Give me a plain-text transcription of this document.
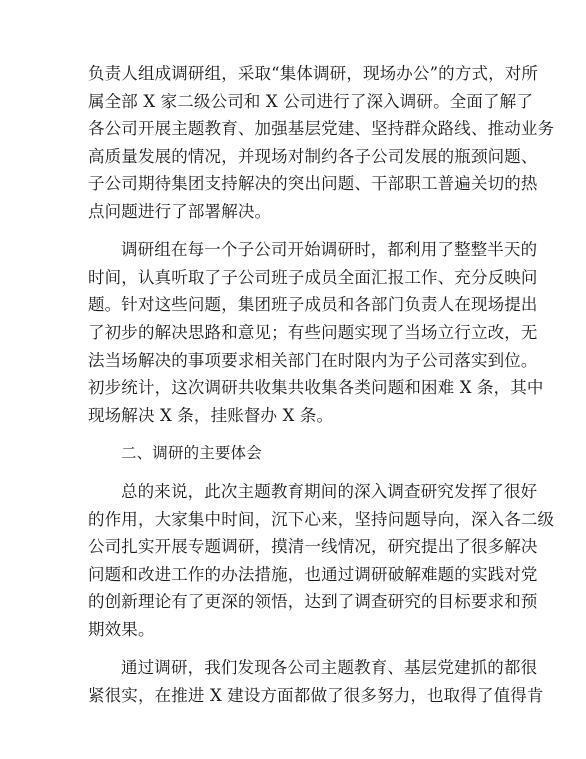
负责人组成调研组，采取“集体调研，现场办公”的方式，对所
属全部 X 家二级公司和 X 公司进行了深入调研。全面了解了
各公司开展主题教育、加强基层党建、坚持群众路线、推动业务
高质量发展的情况，并现场对制约各子公司发展的瓶颈问题、
子公司期待集团支持解决的突出问题、干部职工普遍关切的热
点问题进行了部署解决。
调研组在每一个子公司开始调研时，都利用了整整半天的
时间，认真听取了子公司班子成员全面汇报工作、充分反映问
题。针对这些问题，集团班子成员和各部门负责人在现场提出
了初步的解决思路和意见；有些问题实现了当场立行立改，无
法当场解决的事项要求相关部门在时限内为子公司落实到位。
初步统计，这次调研共收集共收集各类问题和困难 X 条，其中
现场解决 X 条，挂账督办 X 条。
二、调研的主要体会
总的来说，此次主题教育期间的深入调查研究发挥了很好
的作用，大家集中时间，沉下心来，坚持问题导向，深入各二级
公司扎实开展专题调研，摸清一线情况，研究提出了很多解决
问题和改进工作的办法措施，也通过调研破解难题的实践对党
的创新理论有了更深的领悟，达到了调查研究的目标要求和预
期效果。
通过调研，我们发现各公司主题教育、基层党建抓的都很
紧很实，在推进 X 建设方面都做了很多努力，也取得了值得肯
